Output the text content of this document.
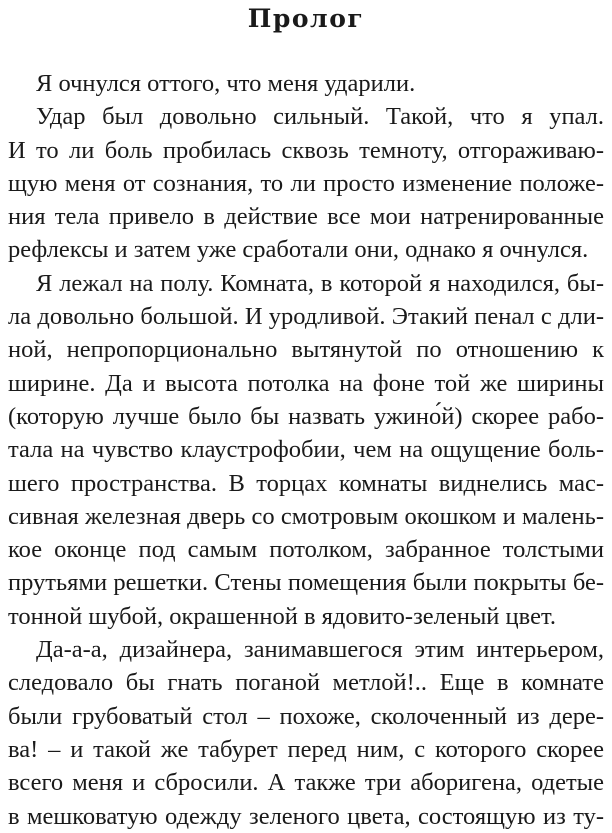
Пролог
Я очнулся оттого, что меня ударили.
Удар был довольно сильный. Такой, что я упал.
И то ли боль пробилась сквозь темноту, отгораживаю-
щую меня от сознания, то ли просто изменение положе-
ния тела привело в действие все мои натренированные
рефлексы и затем уже сработали они, однако я очнулся.
Я лежал на полу. Комната, в которой я находился, бы-
ла довольно большой. И уродливой. Этакий пенал с дли-
ной, непропорционально вытянутой по отношению к
ширине. Да и высота потолка на фоне той же ширины
(которую лучше было бы назвать ужино́й) скорее рабо-
тала на чувство клаустрофобии, чем на ощущение боль-
шего пространства. В торцах комнаты виднелись мас-
сивная железная дверь со смотровым окошком и малень-
кое оконце под самым потолком, забранное толстыми
прутьями решетки. Стены помещения были покрыты бе-
тонной шубой, окрашенной в ядовито-зеленый цвет.
Да-а-а, дизайнера, занимавшегося этим интерьером,
следовало бы гнать поганой метлой!.. Еще в комнате
были грубоватый стол – похоже, сколоченный из дере-
ва! – и такой же табурет перед ним, с которого скорее
всего меня и сбросили. А также три аборигена, одетые
в мешковатую одежду зеленого цвета, состоящую из ту-
